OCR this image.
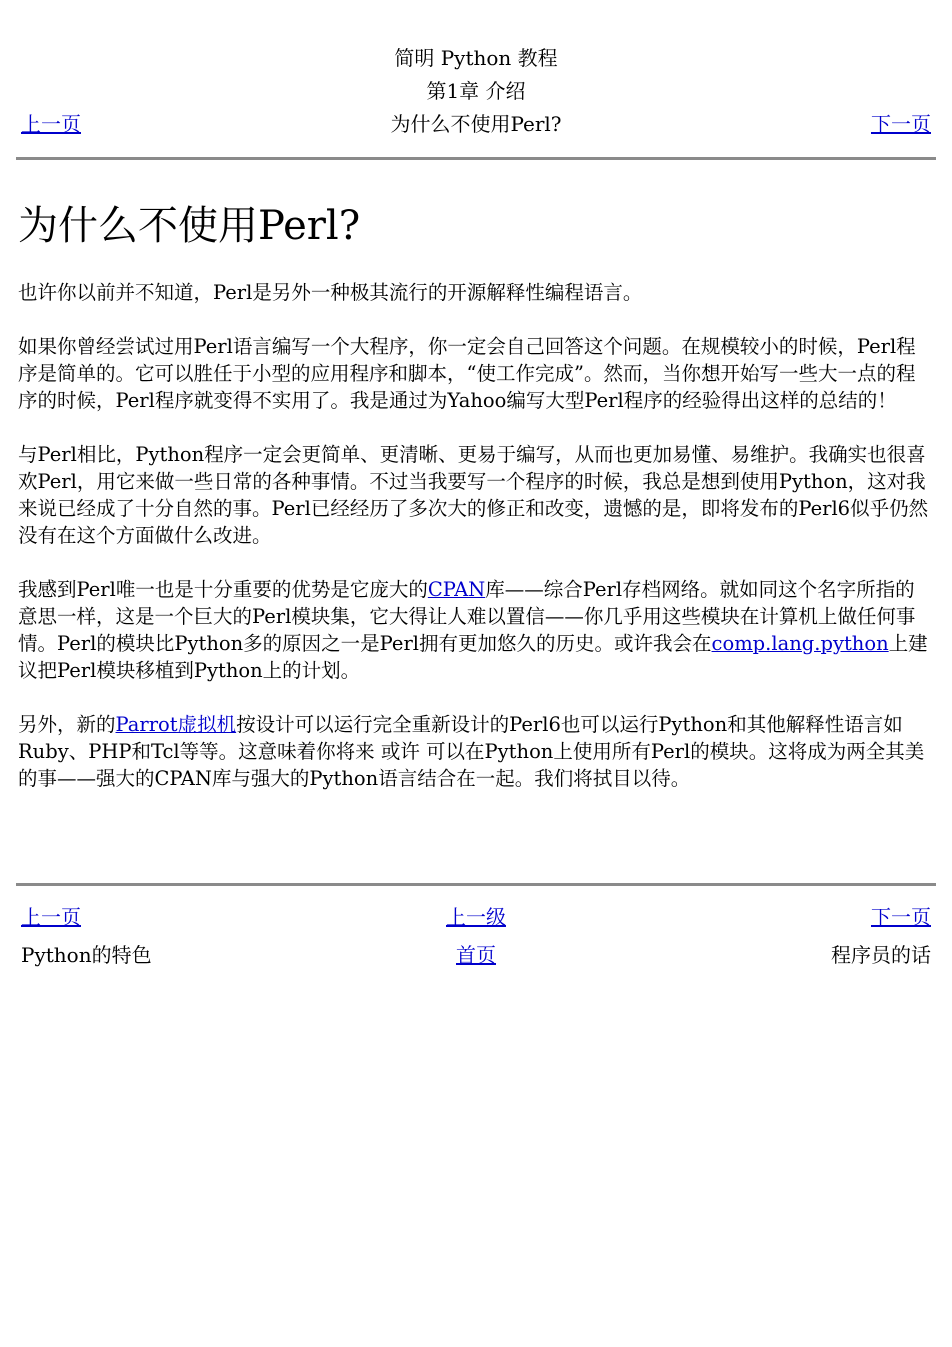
简明 Python 教程
第1章 介绍
上一页	为什么不使用Perl?	下一页
为什么不使用Perl?

也许你以前并不知道，Perl是另外一种极其流行的开源解释性编程语言。

如果你曾经尝试过用Perl语言编写一个大程序，你一定会自己回答这个问题。在规模较小的时候，Perl程序是简单的。它可以胜任于小型的应用程序和脚本，“使工作完成”。然而，当你想开始写一些大一点的程序的时候，Perl程序就变得不实用了。我是通过为Yahoo编写大型Perl程序的经验得出这样的总结的！

与Perl相比，Python程序一定会更简单、更清晰、更易于编写，从而也更加易懂、易维护。我确实也很喜欢Perl，用它来做一些日常的各种事情。不过当我要写一个程序的时候，我总是想到使用Python，这对我来说已经成了十分自然的事。Perl已经经历了多次大的修正和改变，遗憾的是，即将发布的Perl6似乎仍然没有在这个方面做什么改进。

我感到Perl唯一也是十分重要的优势是它庞大的CPAN库——综合Perl存档网络。就如同这个名字所指的意思一样，这是一个巨大的Perl模块集，它大得让人难以置信——你几乎用这些模块在计算机上做任何事情。Perl的模块比Python多的原因之一是Perl拥有更加悠久的历史。或许我会在comp.lang.python上建议把Perl模块移植到Python上的计划。

另外，新的Parrot虚拟机按设计可以运行完全重新设计的Perl6也可以运行Python和其他解释性语言如Ruby、PHP和Tcl等等。这意味着你将来 或许 可以在Python上使用所有Perl的模块。这将成为两全其美的事——强大的CPAN库与强大的Python语言结合在一起。我们将拭目以待。

上一页	上一级	下一页
Python的特色	首页	程序员的话
